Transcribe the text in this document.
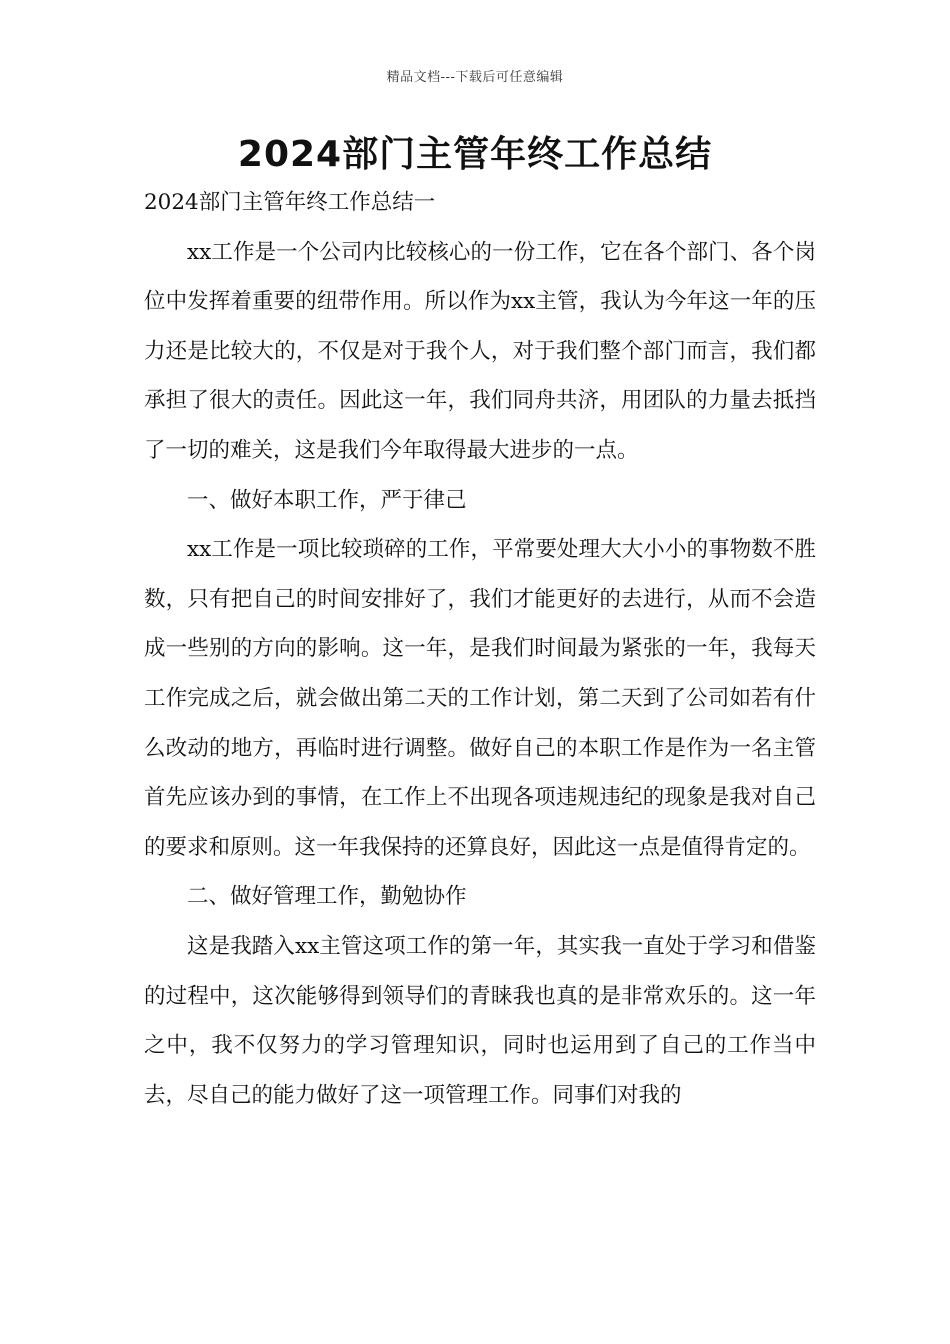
精品文档---下载后可任意编辑
2024部门主管年终工作总结

2024部门主管年终工作总结一

xx工作是一个公司内比较核心的一份工作，它在各个部门、各个岗位中发挥着重要的纽带作用。所以作为xx主管，我认为今年这一年的压力还是比较大的，不仅是对于我个人，对于我们整个部门而言，我们都承担了很大的责任。因此这一年，我们同舟共济，用团队的力量去抵挡了一切的难关，这是我们今年取得最大进步的一点。

一、做好本职工作，严于律己

xx工作是一项比较琐碎的工作，平常要处理大大小小的事物数不胜数，只有把自己的时间安排好了，我们才能更好的去进行，从而不会造成一些别的方向的影响。这一年，是我们时间最为紧张的一年，我每天工作完成之后，就会做出第二天的工作计划，第二天到了公司如若有什么改动的地方，再临时进行调整。做好自己的本职工作是作为一名主管首先应该办到的事情，在工作上不出现各项违规违纪的现象是我对自己的要求和原则。这一年我保持的还算良好，因此这一点是值得肯定的。

二、做好管理工作，勤勉协作

这是我踏入xx主管这项工作的第一年，其实我一直处于学习和借鉴的过程中，这次能够得到领导们的青睐我也真的是非常欢乐的。这一年之中，我不仅努力的学习管理知识，同时也运用到了自己的工作当中去，尽自己的能力做好了这一项管理工作。同事们对我的
